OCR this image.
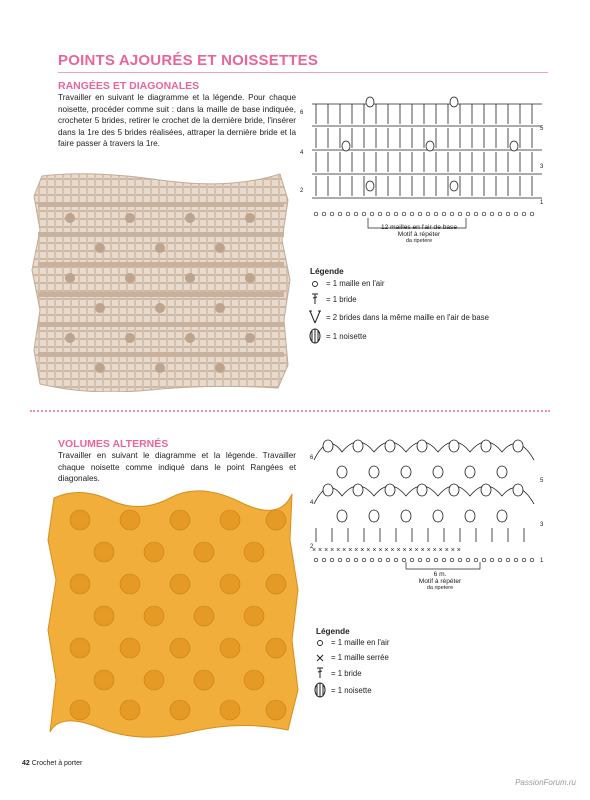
POINTS AJOURÉS ET NOISSETTES
RANGÉES ET DIAGONALES
Travailler en suivant le diagramme et la légende. Pour chaque noisette, procéder comme suit : dans la maille de base indiquée, crocheter 5 brides, retirer le crochet de la dernière bride, l'insérer dans la 1re des 5 brides réalisées, attraper la dernière bride et la faire passer à travers la 1re.
6
4
2
5
3
1
12 mailles en l'air de base
Motif à répéter
da ripetere
Légende
= 1 maille en l'air
= 1 bride
= 2 brides dans la même maille en l'air de base
= 1 noisette
VOLUMES ALTERNÉS
Travailler en suivant le diagramme et la légende. Travailler chaque noisette comme indiqué dans le point Rangées et diagonales.
× × × × × × × × × × × × × × × × × × × × × × × × ×
6
4
2
5
3
1
6 m.
Motif à répéter
da ripetere
Légende
= 1 maille en l'air
= 1 maille serrée
= 1 bride
= 1 noisette
42 Crochet à porter
PassionForum.ru
